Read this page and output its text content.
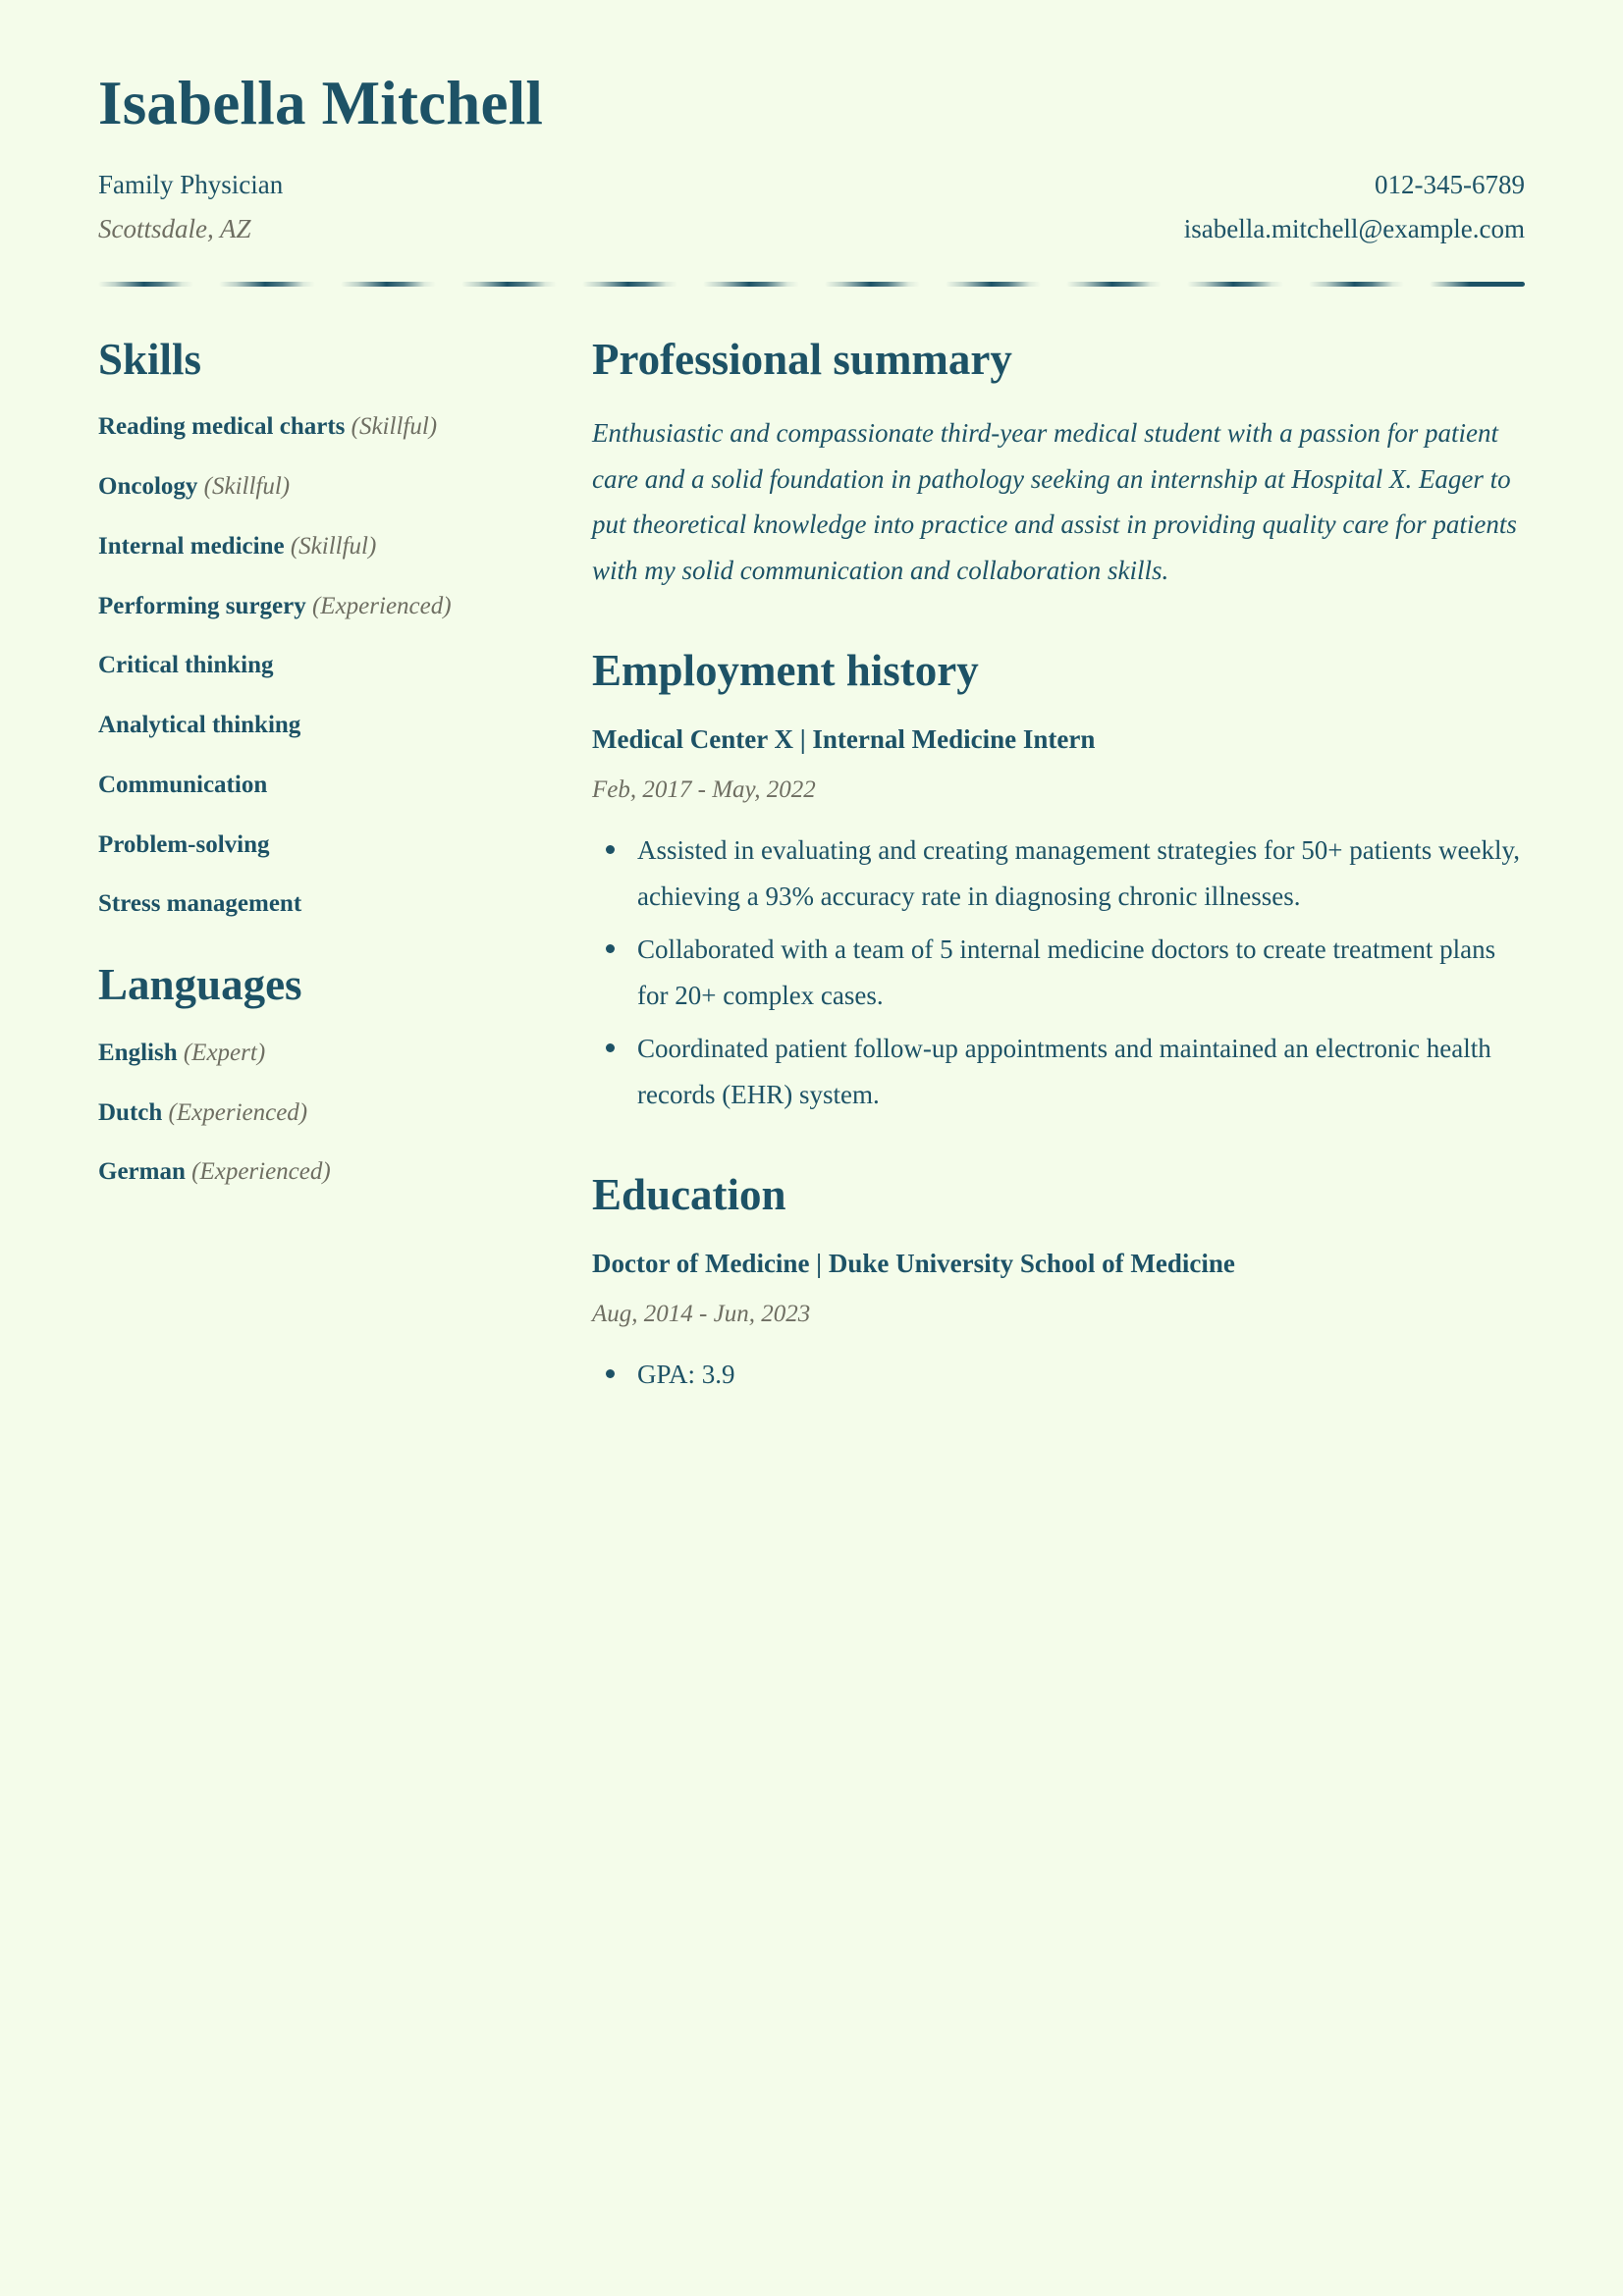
Isabella Mitchell
Family Physician	012-345-6789
Scottsdale, AZ	isabella.mitchell@example.com
Skills
Reading medical charts (Skillful)
Oncology (Skillful)
Internal medicine (Skillful)
Performing surgery (Experienced)
Critical thinking
Analytical thinking
Communication
Problem-solving
Stress management
Languages
English (Expert)
Dutch (Experienced)
German (Experienced)
Professional summary

Enthusiastic and compassionate third-year medical student with a passion for patient care and a solid foundation in pathology seeking an internship at Hospital X. Eager to put theoretical knowledge into practice and assist in providing quality care for patients with my solid communication and collaboration skills.

Employment history
Medical Center X | Internal Medicine Intern
Feb, 2017 - May, 2022
Assisted in evaluating and creating management strategies for 50+ patients weekly, achieving a 93% accuracy rate in diagnosing chronic illnesses.
Collaborated with a team of 5 internal medicine doctors to create treatment plans for 20+ complex cases.
Coordinated patient follow-up appointments and maintained an electronic health records (EHR) system.
Education
Doctor of Medicine | Duke University School of Medicine
Aug, 2014 - Jun, 2023
GPA: 3.9
